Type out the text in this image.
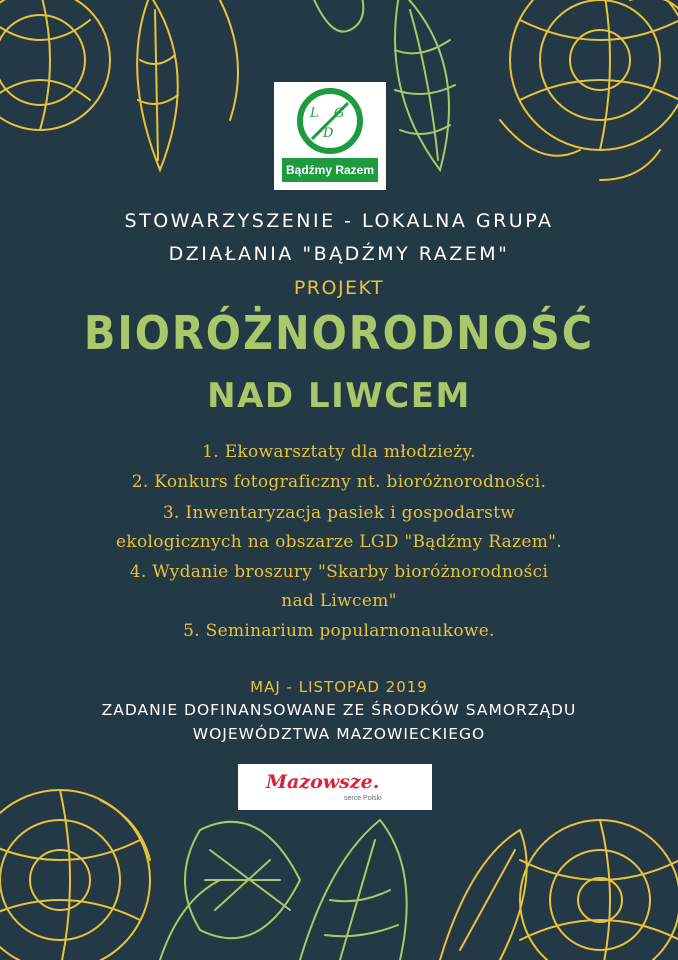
L G
D
Bądźmy Razem
STOWARZYSZENIE - LOKALNA GRUPA
DZIAŁANIA "BĄDŹMY RAZEM"
PROJEKT
BIORÓŻNORODNOŚĆ
NAD LIWCEM
1. Ekowarsztaty dla młodzieży.
2. Konkurs fotograficzny nt. bioróżnorodności.
3. Inwentaryzacja pasiek i gospodarstw
ekologicznych na obszarze LGD "Bądźmy Razem".
4. Wydanie broszury "Skarby bioróżnorodności
nad Liwcem"
5. Seminarium popularnonaukowe.
MAJ - LISTOPAD 2019
ZADANIE DOFINANSOWANE ZE ŚRODKÓW SAMORZĄDU
WOJEWÓDZTWA MAZOWIECKIEGO
Mazowsze.
serce Polski
